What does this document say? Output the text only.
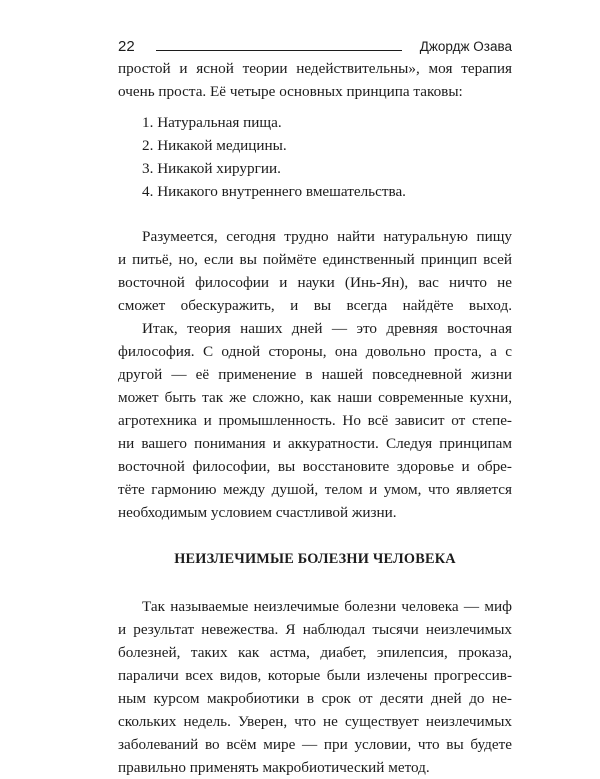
22	Джордж Озава

простой и ясной теории недействительны», моя терапия
очень проста. Её четыре основных принципа таковы:

1. Натуральная пища.
2. Никакой медицины.
3. Никакой хирургии.
4. Никакого внутреннего вмешательства.

Разумеется, сегодня трудно найти натуральную пищу
и питьё, но, если вы поймёте единственный принцип всей
восточной философии и науки (Инь-Ян), вас ничто не
сможет обескуражить, и вы всегда найдёте выход.

Итак, теория наших дней — это древняя восточная
философия. С одной стороны, она довольно проста, а с
другой — её применение в нашей повседневной жизни
может быть так же сложно, как наши современные кухни,
агротехника и промышленность. Но всё зависит от степе-
ни вашего понимания и аккуратности. Следуя принципам
восточной философии, вы восстановите здоровье и обре-
тёте гармонию между душой, телом и умом, что является
необходимым условием счастливой жизни.

НЕИЗЛЕЧИМЫЕ БОЛЕЗНИ ЧЕЛОВЕКА

Так называемые неизлечимые болезни человека — миф
и результат невежества. Я наблюдал тысячи неизлечимых
болезней, таких как астма, диабет, эпилепсия, проказа,
параличи всех видов, которые были излечены прогрессив-
ным курсом макробиотики в срок от десяти дней до не-
скольких недель. Уверен, что не существует неизлечимых
заболеваний во всём мире — при условии, что вы будете
правильно применять макробиотический метод.
